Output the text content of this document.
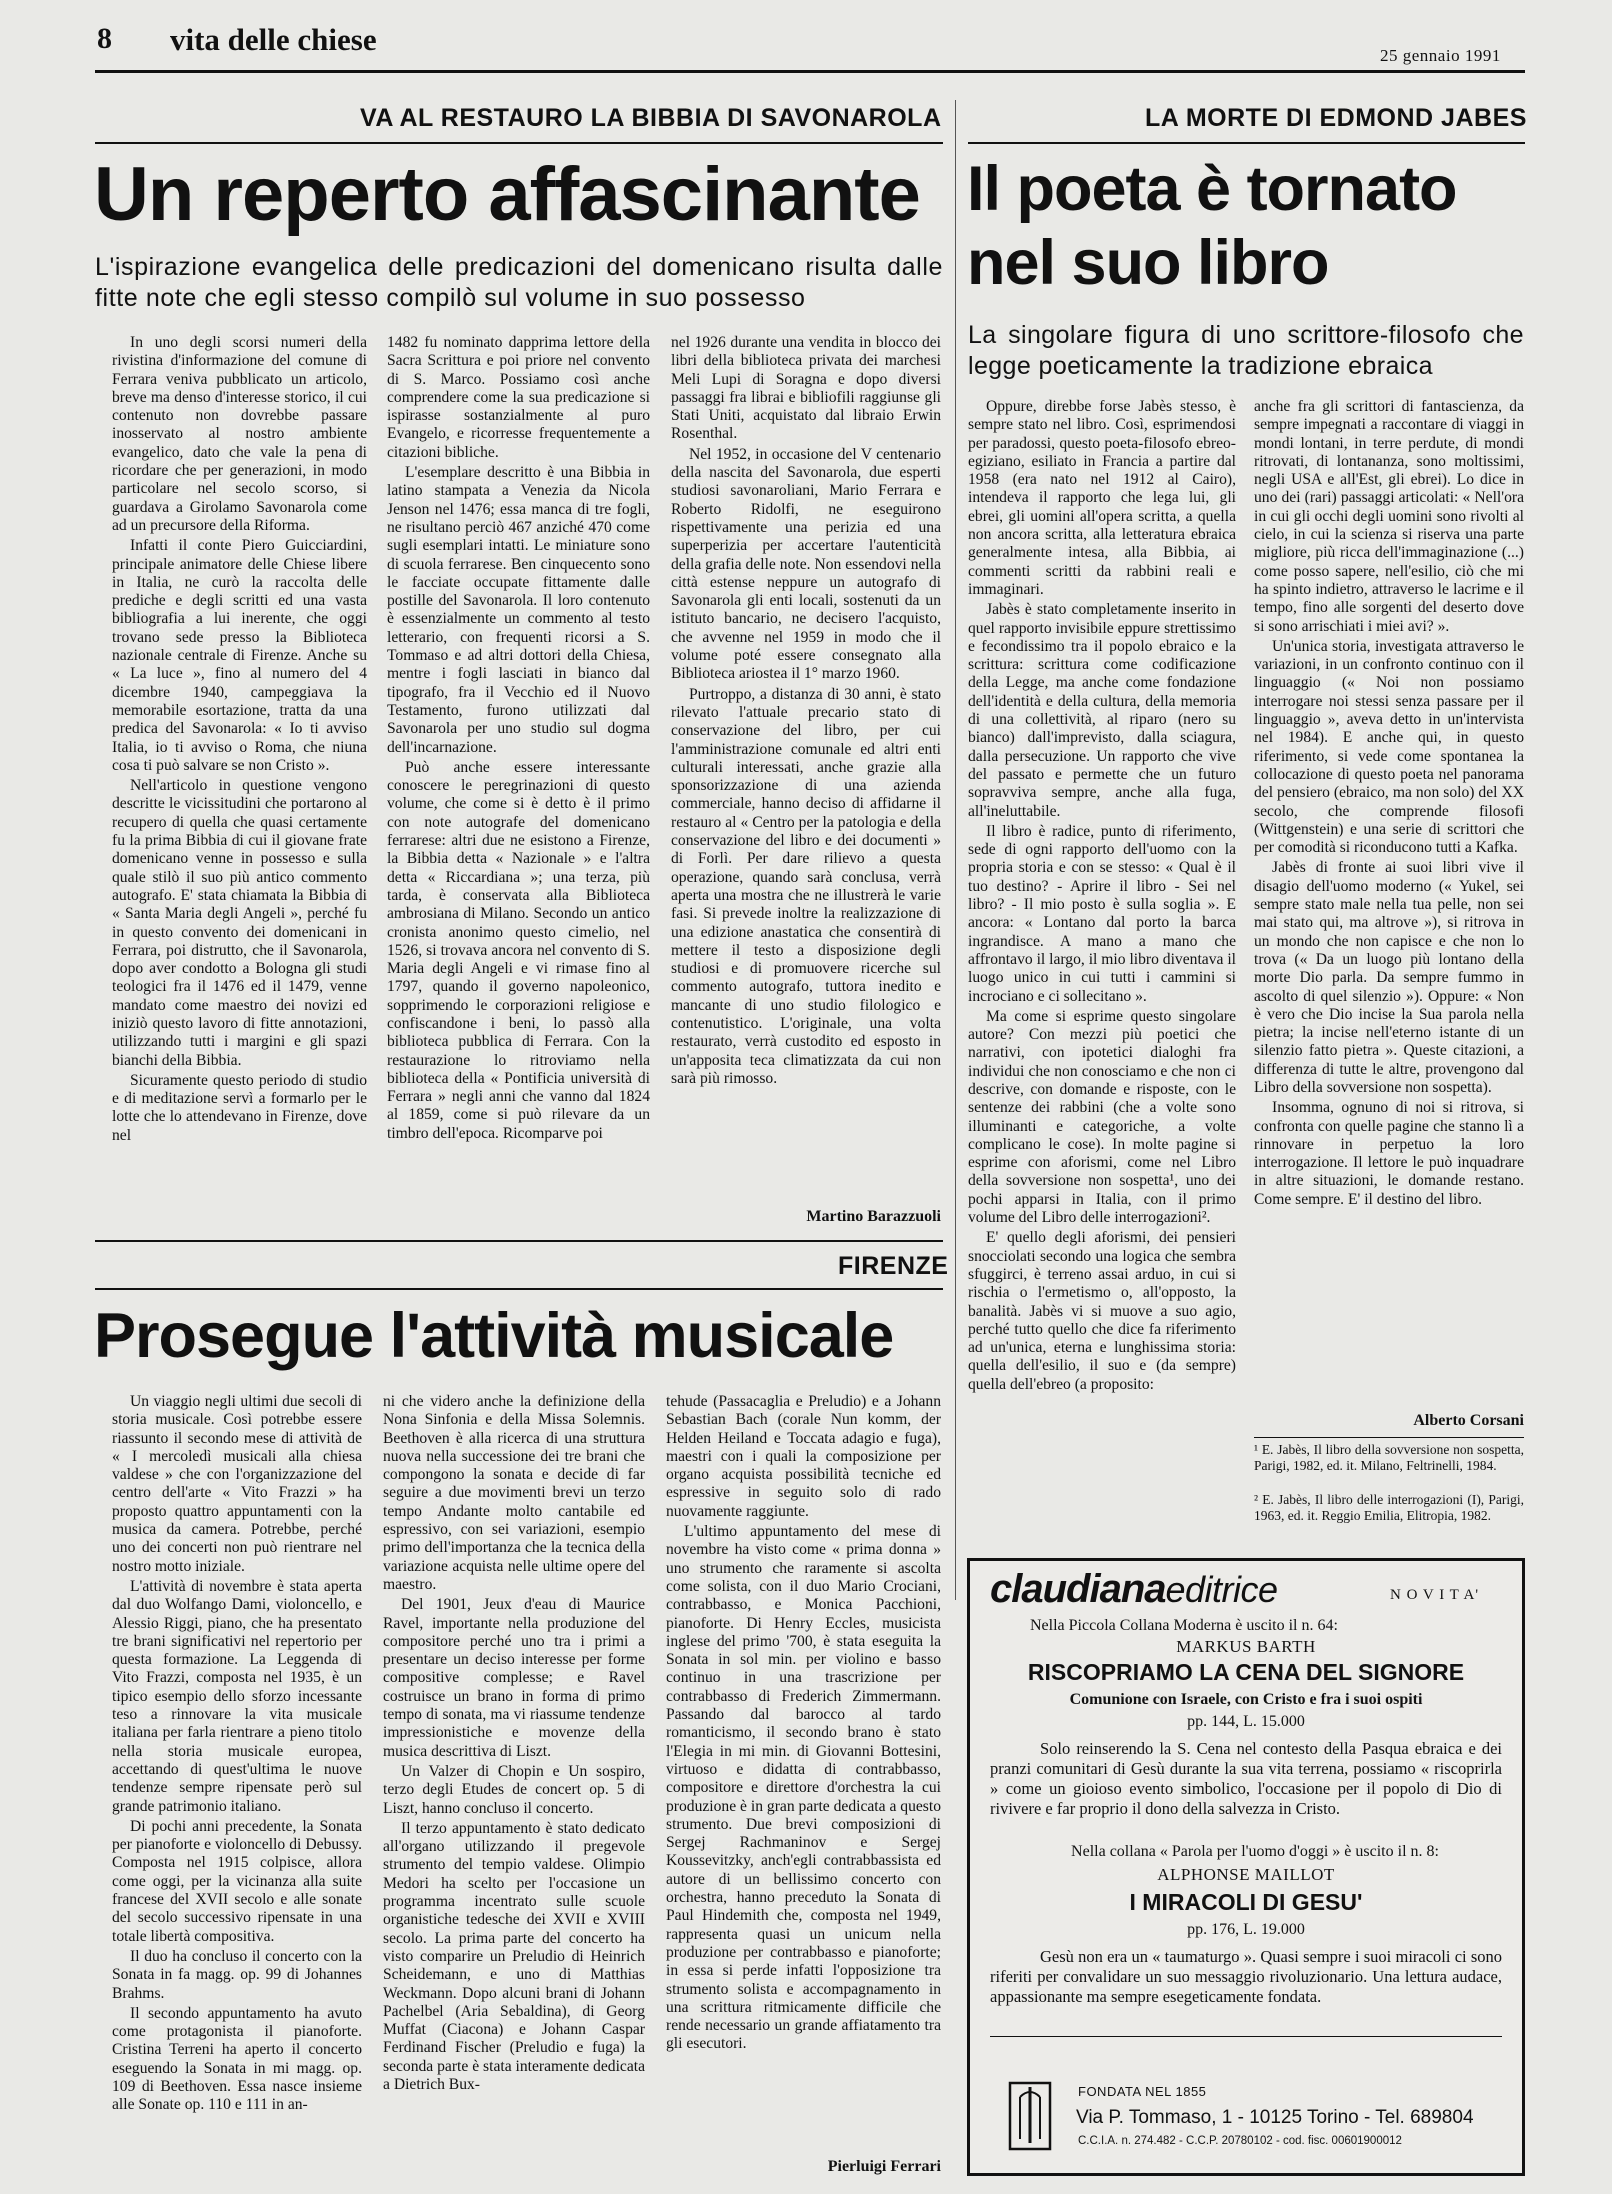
8 vita delle chiese	25 gennaio 1991
VA AL RESTAURO LA BIBBIA DI SAVONAROLA
Un reperto affascinante
L'ispirazione evangelica delle predicazioni del domenicano risulta dalle fitte note che egli stesso compilò sul volume in suo possesso

In uno degli scorsi numeri della rivistina d'informazione del comune di Ferrara veniva pubblicato un articolo, breve ma denso d'interesse storico, il cui contenuto non dovrebbe passare inosservato al nostro ambiente evangelico, dato che vale la pena di ricordare che per generazioni, in modo particolare nel secolo scorso, si guardava a Girolamo Savonarola come ad un precursore della Riforma.

Infatti il conte Piero Guicciardini, principale animatore delle Chiese libere in Italia, ne curò la raccolta delle prediche e degli scritti ed una vasta bibliografia a lui inerente, che oggi trovano sede presso la Biblioteca nazionale centrale di Firenze. Anche su « La luce », fino al numero del 4 dicembre 1940, campeggiava la memorabile esortazione, tratta da una predica del Savonarola: « Io ti avviso Italia, io ti avviso o Roma, che niuna cosa ti può salvare se non Cristo ».

Nell'articolo in questione vengono descritte le vicissitudini che portarono al recupero di quella che quasi certamente fu la prima Bibbia di cui il giovane frate domenicano venne in possesso e sulla quale stilò il suo più antico commento autografo. E' stata chiamata la Bibbia di « Santa Maria degli Angeli », perché fu in questo convento dei domenicani in Ferrara, poi distrutto, che il Savonarola, dopo aver condotto a Bologna gli studi teologici fra il 1476 ed il 1479, venne mandato come maestro dei novizi ed iniziò questo lavoro di fitte annotazioni, utilizzando tutti i margini e gli spazi bianchi della Bibbia.

Sicuramente questo periodo di studio e di meditazione servì a formarlo per le lotte che lo attendevano in Firenze, dove nel

1482 fu nominato dapprima lettore della Sacra Scrittura e poi priore nel convento di S. Marco. Possiamo così anche comprendere come la sua predicazione si ispirasse sostanzialmente al puro Evangelo, e ricorresse frequentemente a citazioni bibliche.

L'esemplare descritto è una Bibbia in latino stampata a Venezia da Nicola Jenson nel 1476; essa manca di tre fogli, ne risultano perciò 467 anziché 470 come sugli esemplari intatti. Le miniature sono di scuola ferrarese. Ben cinquecento sono le facciate occupate fittamente dalle postille del Savonarola. Il loro contenuto è essenzialmente un commento al testo letterario, con frequenti ricorsi a S. Tommaso e ad altri dottori della Chiesa, mentre i fogli lasciati in bianco dal tipografo, fra il Vecchio ed il Nuovo Testamento, furono utilizzati dal Savonarola per uno studio sul dogma dell'incarnazione.

Può anche essere interessante conoscere le peregrinazioni di questo volume, che come si è detto è il primo con note autografe del domenicano ferrarese: altri due ne esistono a Firenze, la Bibbia detta « Nazionale » e l'altra detta « Riccardiana »; una terza, più tarda, è conservata alla Biblioteca ambrosiana di Milano. Secondo un antico cronista anonimo questo cimelio, nel 1526, si trovava ancora nel convento di S. Maria degli Angeli e vi rimase fino al 1797, quando il governo napoleonico, sopprimendo le corporazioni religiose e confiscandone i beni, lo passò alla biblioteca pubblica di Ferrara. Con la restaurazione lo ritroviamo nella biblioteca della « Pontificia università di Ferrara » negli anni che vanno dal 1824 al 1859, come si può rilevare da un timbro dell'epoca. Ricomparve poi

nel 1926 durante una vendita in blocco dei libri della biblioteca privata dei marchesi Meli Lupi di Soragna e dopo diversi passaggi fra librai e bibliofili raggiunse gli Stati Uniti, acquistato dal libraio Erwin Rosenthal.

Nel 1952, in occasione del V centenario della nascita del Savonarola, due esperti studiosi savonaroliani, Mario Ferrara e Roberto Ridolfi, ne eseguirono rispettivamente una perizia ed una superperizia per accertare l'autenticità della grafia delle note. Non essendovi nella città estense neppure un autografo di Savonarola gli enti locali, sostenuti da un istituto bancario, ne decisero l'acquisto, che avvenne nel 1959 in modo che il volume poté essere consegnato alla Biblioteca ariostea il 1° marzo 1960.

Purtroppo, a distanza di 30 anni, è stato rilevato l'attuale precario stato di conservazione del libro, per cui l'amministrazione comunale ed altri enti culturali interessati, anche grazie alla sponsorizzazione di una azienda commerciale, hanno deciso di affidarne il restauro al « Centro per la patologia e della conservazione del libro e dei documenti » di Forlì. Per dare rilievo a questa operazione, quando sarà conclusa, verrà aperta una mostra che ne illustrerà le varie fasi. Si prevede inoltre la realizzazione di una edizione anastatica che consentirà di mettere il testo a disposizione degli studiosi e di promuovere ricerche sul commento autografo, tuttora inedito e mancante di uno studio filologico e contenutistico. L'originale, una volta restaurato, verrà custodito ed esposto in un'apposita teca climatizzata da cui non sarà più rimosso.

Martino Barazzuoli
FIRENZE
Prosegue l'attività musicale

Un viaggio negli ultimi due secoli di storia musicale. Così potrebbe essere riassunto il secondo mese di attività de « I mercoledì musicali alla chiesa valdese » che con l'organizzazione del centro dell'arte « Vito Frazzi » ha proposto quattro appuntamenti con la musica da camera. Potrebbe, perché uno dei concerti non può rientrare nel nostro motto iniziale.

L'attività di novembre è stata aperta dal duo Wolfango Dami, violoncello, e Alessio Riggi, piano, che ha presentato tre brani significativi nel repertorio per questa formazione. La Leggenda di Vito Frazzi, composta nel 1935, è un tipico esempio dello sforzo incessante teso a rinnovare la vita musicale italiana per farla rientrare a pieno titolo nella storia musicale europea, accettando di quest'ultima le nuove tendenze sempre ripensate però sul grande patrimonio italiano.

Di pochi anni precedente, la Sonata per pianoforte e violoncello di Debussy. Composta nel 1915 colpisce, allora come oggi, per la vicinanza alla suite francese del XVII secolo e alle sonate del secolo successivo ripensate in una totale libertà compositiva.

Il duo ha concluso il concerto con la Sonata in fa magg. op. 99 di Johannes Brahms.

Il secondo appuntamento ha avuto come protagonista il pianoforte. Cristina Terreni ha aperto il concerto eseguendo la Sonata in mi magg. op. 109 di Beethoven. Essa nasce insieme alle Sonate op. 110 e 111 in an-

ni che videro anche la definizione della Nona Sinfonia e della Missa Solemnis. Beethoven è alla ricerca di una struttura nuova nella successione dei tre brani che compongono la sonata e decide di far seguire a due movimenti brevi un terzo tempo Andante molto cantabile ed espressivo, con sei variazioni, esempio primo dell'importanza che la tecnica della variazione acquista nelle ultime opere del maestro.

Del 1901, Jeux d'eau di Maurice Ravel, importante nella produzione del compositore perché uno tra i primi a presentare un deciso interesse per forme compositive complesse; e Ravel costruisce un brano in forma di primo tempo di sonata, ma vi riassume tendenze impressionistiche e movenze della musica descrittiva di Liszt.

Un Valzer di Chopin e Un sospiro, terzo degli Etudes de concert op. 5 di Liszt, hanno concluso il concerto.

Il terzo appuntamento è stato dedicato all'organo utilizzando il pregevole strumento del tempio valdese. Olimpio Medori ha scelto per l'occasione un programma incentrato sulle scuole organistiche tedesche dei XVII e XVIII secolo. La prima parte del concerto ha visto comparire un Preludio di Heinrich Scheidemann, e uno di Matthias Weckmann. Dopo alcuni brani di Johann Pachelbel (Aria Sebaldina), di Georg Muffat (Ciacona) e Johann Caspar Ferdinand Fischer (Preludio e fuga) la seconda parte è stata interamente dedicata a Dietrich Bux-

tehude (Passacaglia e Preludio) e a Johann Sebastian Bach (corale Nun komm, der Helden Heiland e Toccata adagio e fuga), maestri con i quali la composizione per organo acquista possibilità tecniche ed espressive in seguito solo di rado nuovamente raggiunte.

L'ultimo appuntamento del mese di novembre ha visto come « prima donna » uno strumento che raramente si ascolta come solista, con il duo Mario Crociani, contrabbasso, e Monica Pacchioni, pianoforte. Di Henry Eccles, musicista inglese del primo '700, è stata eseguita la Sonata in sol min. per violino e basso continuo in una trascrizione per contrabbasso di Frederich Zimmermann. Passando dal barocco al tardo romanticismo, il secondo brano è stato l'Elegia in mi min. di Giovanni Bottesini, virtuoso e didatta di contrabbasso, compositore e direttore d'orchestra la cui produzione è in gran parte dedicata a questo strumento. Due brevi composizioni di Sergej Rachmaninov e Sergej Koussevitzky, anch'egli contrabbassista ed autore di un bellissimo concerto con orchestra, hanno preceduto la Sonata di Paul Hindemith che, composta nel 1949, rappresenta quasi un unicum nella produzione per contrabbasso e pianoforte; in essa si perde infatti l'opposizione tra strumento solista e accompagnamento in una scrittura ritmicamente difficile che rende necessario un grande affiatamento tra gli esecutori.

Pierluigi Ferrari
LA MORTE DI EDMOND JABES
Il poeta è tornato
nel suo libro
La singolare figura di uno scrittore-filosofo che legge poeticamente la tradizione ebraica

Oppure, direbbe forse Jabès stesso, è sempre stato nel libro. Così, esprimendosi per paradossi, questo poeta-filosofo ebreo-egiziano, esiliato in Francia a partire dal 1958 (era nato nel 1912 al Cairo), intendeva il rapporto che lega lui, gli ebrei, gli uomini all'opera scritta, a quella non ancora scritta, alla letteratura ebraica generalmente intesa, alla Bibbia, ai commenti scritti da rabbini reali e immaginari.

Jabès è stato completamente inserito in quel rapporto invisibile eppure strettissimo e fecondissimo tra il popolo ebraico e la scrittura: scrittura come codificazione della Legge, ma anche come fondazione dell'identità e della cultura, della memoria di una collettività, al riparo (nero su bianco) dall'imprevisto, dalla sciagura, dalla persecuzione. Un rapporto che vive del passato e permette che un futuro sopravviva sempre, anche alla fuga, all'ineluttabile.

Il libro è radice, punto di riferimento, sede di ogni rapporto dell'uomo con la propria storia e con se stesso: « Qual è il tuo destino? - Aprire il libro - Sei nel libro? - Il mio posto è sulla soglia ». E ancora: « Lontano dal porto la barca ingrandisce. A mano a mano che affrontavo il largo, il mio libro diventava il luogo unico in cui tutti i cammini si incrociano e ci sollecitano ».

Ma come si esprime questo singolare autore? Con mezzi più poetici che narrativi, con ipotetici dialoghi fra individui che non conosciamo e che non ci descrive, con domande e risposte, con le sentenze dei rabbini (che a volte sono illuminanti e categoriche, a volte complicano le cose). In molte pagine si esprime con aforismi, come nel Libro della sovversione non sospetta¹, uno dei pochi apparsi in Italia, con il primo volume del Libro delle interrogazioni².

E' quello degli aforismi, dei pensieri snocciolati secondo una logica che sembra sfuggirci, è terreno assai arduo, in cui si rischia o l'ermetismo o, all'opposto, la banalità. Jabès vi si muove a suo agio, perché tutto quello che dice fa riferimento ad un'unica, eterna e lunghissima storia: quella dell'esilio, il suo e (da sempre) quella dell'ebreo (a proposito:

anche fra gli scrittori di fantascienza, da sempre impegnati a raccontare di viaggi in mondi lontani, in terre perdute, di mondi ritrovati, di lontananza, sono moltissimi, negli USA e all'Est, gli ebrei). Lo dice in uno dei (rari) passaggi articolati: « Nell'ora in cui gli occhi degli uomini sono rivolti al cielo, in cui la scienza si riserva una parte migliore, più ricca dell'immaginazione (...) come posso sapere, nell'esilio, ciò che mi ha spinto indietro, attraverso le lacrime e il tempo, fino alle sorgenti del deserto dove si sono arrischiati i miei avi? ».

Un'unica storia, investigata attraverso le variazioni, in un confronto continuo con il linguaggio (« Noi non possiamo interrogare noi stessi senza passare per il linguaggio », aveva detto in un'intervista nel 1984). E anche qui, in questo riferimento, si vede come spontanea la collocazione di questo poeta nel panorama del pensiero (ebraico, ma non solo) del XX secolo, che comprende filosofi (Wittgenstein) e una serie di scrittori che per comodità si riconducono tutti a Kafka.

Jabès di fronte ai suoi libri vive il disagio dell'uomo moderno (« Yukel, sei sempre stato male nella tua pelle, non sei mai stato qui, ma altrove »), si ritrova in un mondo che non capisce e che non lo trova (« Da un luogo più lontano della morte Dio parla. Da sempre fummo in ascolto di quel silenzio »). Oppure: « Non è vero che Dio incise la Sua parola nella pietra; la incise nell'eterno istante di un silenzio fatto pietra ». Queste citazioni, a differenza di tutte le altre, provengono dal Libro della sovversione non sospetta).

Insomma, ognuno di noi si ritrova, si confronta con quelle pagine che stanno lì a rinnovare in perpetuo la loro interrogazione. Il lettore le può inquadrare in altre situazioni, le domande restano. Come sempre. E' il destino del libro.

Alberto Corsani
¹ E. Jabès, Il libro della sovversione non sospetta, Parigi, 1982, ed. it. Milano, Feltrinelli, 1984.
² E. Jabès, Il libro delle interrogazioni (I), Parigi, 1963, ed. it. Reggio Emilia, Elitropia, 1982.
claudianaeditrice	N O V I T A'
Nella Piccola Collana Moderna è uscito il n. 64:
MARKUS BARTH
RISCOPRIAMO LA CENA DEL SIGNORE
Comunione con Israele, con Cristo e fra i suoi ospiti
pp. 144, L. 15.000
Solo reinserendo la S. Cena nel contesto della Pasqua ebraica e dei pranzi comunitari di Gesù durante la sua vita terrena, possiamo « riscoprirla » come un gioioso evento simbolico, l'occasione per il popolo di Dio di rivivere e far proprio il dono della salvezza in Cristo.
Nella collana « Parola per l'uomo d'oggi » è uscito il n. 8:
ALPHONSE MAILLOT
I MIRACOLI DI GESU'
pp. 176, L. 19.000
Gesù non era un « taumaturgo ». Quasi sempre i suoi miracoli ci sono riferiti per convalidare un suo messaggio rivoluzionario. Una lettura audace, appassionante ma sempre esegeticamente fondata.
FONDATA NEL 1855
Via P. Tommaso, 1 - 10125 Torino - Tel. 689804
C.C.I.A. n. 274.482 - C.C.P. 20780102 - cod. fisc. 00601900012
